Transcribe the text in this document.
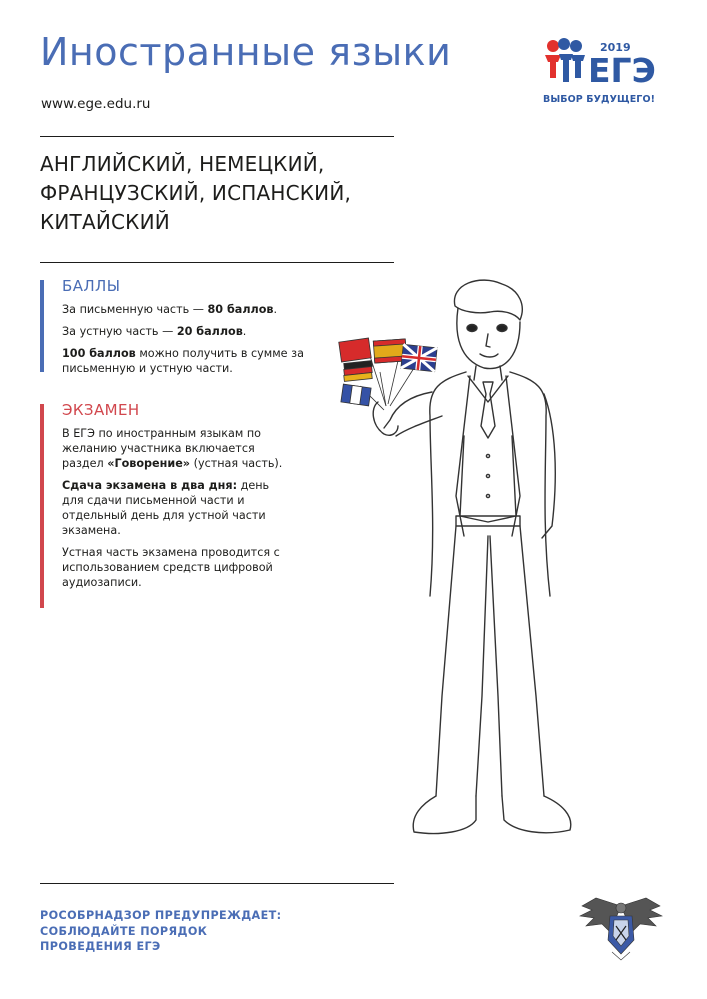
Иностранные языки
www.ege.edu.ru
2019
ЕГЭ
ВЫБОР БУДУЩЕГО!
АНГЛИЙСКИЙ, НЕМЕЦКИЙ,
ФРАНЦУЗСКИЙ, ИСПАНСКИЙ,
КИТАЙСКИЙ
БАЛЛЫ

За письменную часть — 80 баллов.

За устную часть — 20 баллов.

100 баллов можно получить в сумме за письменную и устную части.

ЭКЗАМЕН

В ЕГЭ по иностранным языкам по желанию участника включается раздел «Говорение» (устная часть).

Сдача экзамена в два дня: день для сдачи письменной части и отдельный день для устной части экзамена.

Устная часть экзамена проводится с использованием средств цифровой аудиозаписи.

РОСОБРНАДЗОР ПРЕДУПРЕЖДАЕТ:
СОБЛЮДАЙТЕ ПОРЯДОК
ПРОВЕДЕНИЯ ЕГЭ
